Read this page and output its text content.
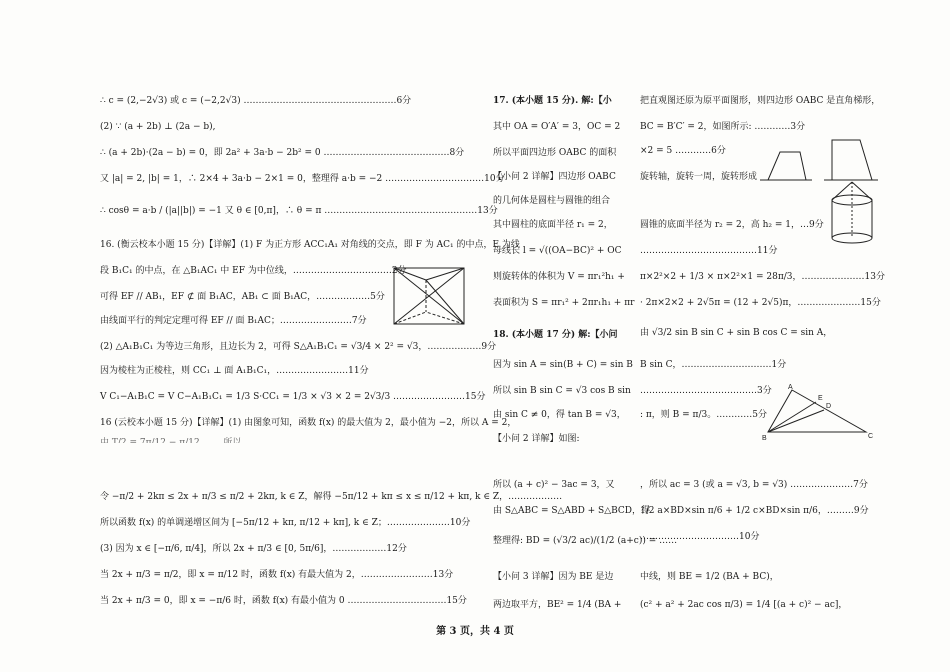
∴ c = (2,−2√3) 或 c = (−2,2√3) ……………………………………………6分
(2) ∵ (a + 2b) ⊥ (2a − b),
∴ (a + 2b)·(2a − b) = 0，即 2a² + 3a·b − 2b² = 0 ……………………………………8分
又 |a| = 2, |b| = 1，∴ 2×4 + 3a·b − 2×1 = 0，整理得 a·b = −2 ……………………………10分
∴ cosθ = a·b / (|a||b|) = −1 又 θ ∈ [0,π]，∴ θ = π ……………………………………………13分
16. (衡云校本小题 15 分)【详解】(1) F 为正方形 ACC₁A₁ 对角线的交点，即 F 为 AC₁ 的中点，E 为线
段 B₁C₁ 的中点，在 △B₁AC₁ 中 EF 为中位线，……………………………2分
可得 EF // AB₁，EF ⊄ 面 B₁AC，AB₁ ⊂ 面 B₁AC，………………5分
由线面平行的判定定理可得 EF // 面 B₁AC；……………………7分
(2) △A₁B₁C₁ 为等边三角形，且边长为 2，可得 S△A₁B₁C₁ = √3/4 × 2² = √3，………………9分
因为棱柱为正棱柱，则 CC₁ ⊥ 面 A₁B₁C₁，……………………11分
V C₁−A₁B₁C = V C−A₁B₁C₁ = 1/3 S·CC₁ = 1/3 × √3 × 2 = 2√3/3 ……………………15分
16 (云校本小题 15 分)【详解】(1) 由图象可知，函数 f(x) 的最大值为 2，最小值为 −2，所以 A = 2，
令 −π/2 + 2kπ ≤ 2x + π/3 ≤ π/2 + 2kπ, k ∈ Z，解得 −5π/12 + kπ ≤ x ≤ π/12 + kπ, k ∈ Z，………………
所以函数 f(x) 的单调递增区间为 [−5π/12 + kπ, π/12 + kπ], k ∈ Z；…………………10分
(3) 因为 x ∈ [−π/6, π/4]，所以 2x + π/3 ∈ [0, 5π/6]，………………12分
当 2x + π/3 = π/2，即 x = π/12 时，函数 f(x) 有最大值为 2，……………………13分
当 2x + π/3 = 0，即 x = −π/6 时，函数 f(x) 有最小值为 0 ……………………………15分
17. (本小题 15 分). 解:【小
其中 OA = O′A′ = 3，OC = 2
所以平面四边形 OABC 的面积
【小问 2 详解】四边形 OABC
的几何体是圆柱与圆锥的组合
其中圆柱的底面半径 r₁ = 2，
母线长 l = √((OA−BC)² + OC
则旋转体的体积为 V = πr₁²h₁ +
表面积为 S = πr₁² + 2πr₁h₁ + πr
18. (本小题 17 分) 解:【小问
因为 sin A = sin(B + C) = sin B
所以 sin B sin C = √3 cos B sin
由 sin C ≠ 0，得 tan B = √3，
【小问 2 详解】如图:
所以 (a + c)² − 3ac = 3，又
由 S△ABC = S△ABD + S△BCD，得
整理得: BD = (√3/2 ac)/(1/2 (a+c)) = ……
【小问 3 详解】因为 BE 是边
两边取平方，BE² = 1/4 (BA +
把直观图还原为原平面图形，则四边形 OABC 是直角梯形，
BC = B′C′ = 2，如图所示: …………3分
×2 = 5 …………6分
旋转轴，旋转一周，旋转形成
圆锥的底面半径为 r₂ = 2，高 h₂ = 1，…9分
…………………………………11分
π×2²×2 + 1/3 × π×2²×1 = 28π/3，…………………13分
· 2π×2×2 + 2√5π = (12 + 2√5)π，…………………15分
由 √3/2 sin B sin C + sin B cos C = sin A，
B sin C，…………………………1分
…………………………………3分
: π，则 B = π/3。…………5分
，所以 ac = 3 (或 a = √3, b = √3) …………………7分
1/2 a×BD×sin π/6 + 1/2 c×BD×sin π/6，………9分
……………………………10分
中线，则 BE = 1/2 (BA + BC)，
(c² + a² + 2ac cos π/3) = 1/4 [(a + c)² − ac]，
A
D
E
B	C
第 3 页，共 4 页
